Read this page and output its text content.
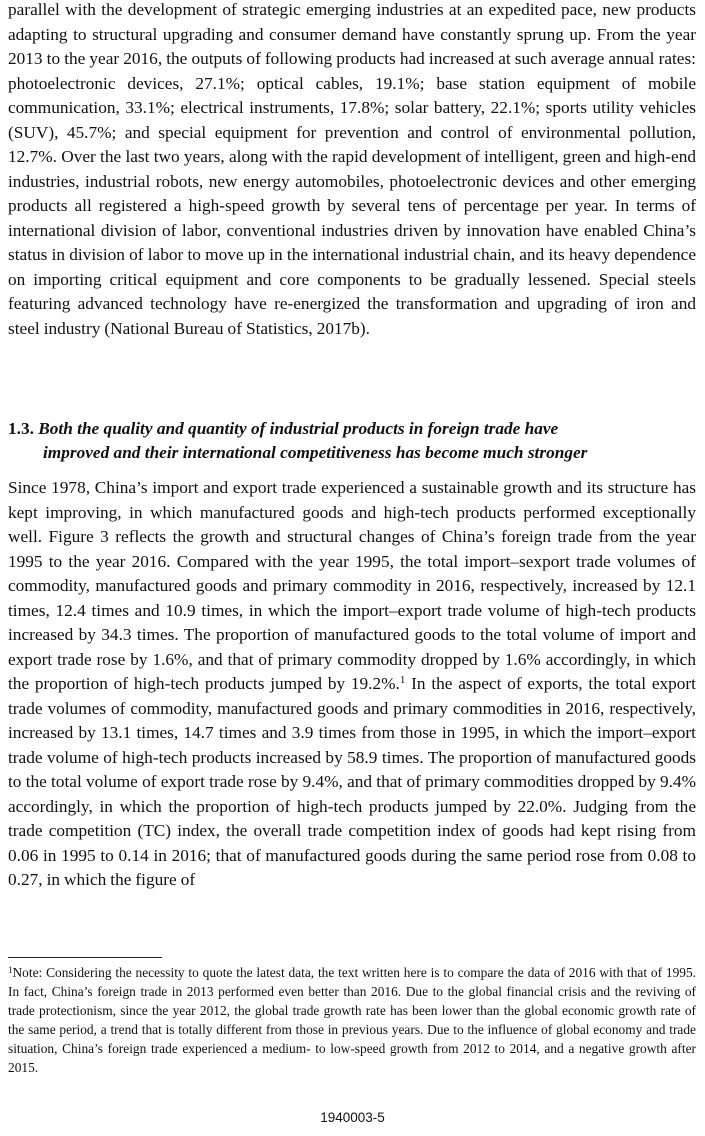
parallel with the development of strategic emerging industries at an expedited pace, new products adapting to structural upgrading and consumer demand have constantly sprung up. From the year 2013 to the year 2016, the outputs of following products had increased at such average annual rates: photoelectronic devices, 27.1%; optical cables, 19.1%; base station equipment of mobile communication, 33.1%; electrical instruments, 17.8%; solar battery, 22.1%; sports utility vehicles (SUV), 45.7%; and special equipment for prevention and control of environmental pollution, 12.7%. Over the last two years, along with the rapid development of intelligent, green and high-end industries, industrial robots, new energy automobiles, photoelectronic devices and other emerging products all registered a high-speed growth by several tens of percentage per year. In terms of international division of labor, conventional industries driven by innovation have enabled China’s status in division of labor to move up in the international industrial chain, and its heavy dependence on importing critical equipment and core components to be gradually lessened. Special steels featuring advanced technology have re-energized the transformation and upgrading of iron and steel industry (National Bureau of Statistics, 2017b).

1.3. Both the quality and quantity of industrial products in foreign trade have
improved and their international competitiveness has become much stronger

Since 1978, China’s import and export trade experienced a sustainable growth and its structure has kept improving, in which manufactured goods and high-tech products performed exceptionally well. Figure 3 reflects the growth and structural changes of China’s foreign trade from the year 1995 to the year 2016. Compared with the year 1995, the total import–sexport trade volumes of commodity, manufactured goods and primary commodity in 2016, respectively, increased by 12.1 times, 12.4 times and 10.9 times, in which the import–export trade volume of high-tech products increased by 34.3 times. The proportion of manufactured goods to the total volume of import and export trade rose by 1.6%, and that of primary commodity dropped by 1.6% accordingly, in which the proportion of high-tech products jumped by 19.2%.$^1$ In the aspect of exports, the total export trade volumes of commodity, manufactured goods and primary commodities in 2016, respectively, increased by 13.1 times, 14.7 times and 3.9 times from those in 1995, in which the import–export trade volume of high-tech products increased by 58.9 times. The proportion of manufactured goods to the total volume of export trade rose by 9.4%, and that of primary commodities dropped by 9.4% accordingly, in which the proportion of high-tech products jumped by 22.0%. Judging from the trade competition (TC) index, the overall trade competition index of goods had kept rising from 0.06 in 1995 to 0.14 in 2016; that of manufactured goods during the same period rose from 0.08 to 0.27, in which the figure of

$^1$Note: Considering the necessity to quote the latest data, the text written here is to compare the data of 2016 with that of 1995. In fact, China’s foreign trade in 2013 performed even better than 2016. Due to the global financial crisis and the reviving of trade protectionism, since the year 2012, the global trade growth rate has been lower than the global economic growth rate of the same period, a trend that is totally different from those in previous years. Due to the influence of global economy and trade situation, China’s foreign trade experienced a medium- to low-speed growth from 2012 to 2014, and a negative growth after 2015.

1940003-5
